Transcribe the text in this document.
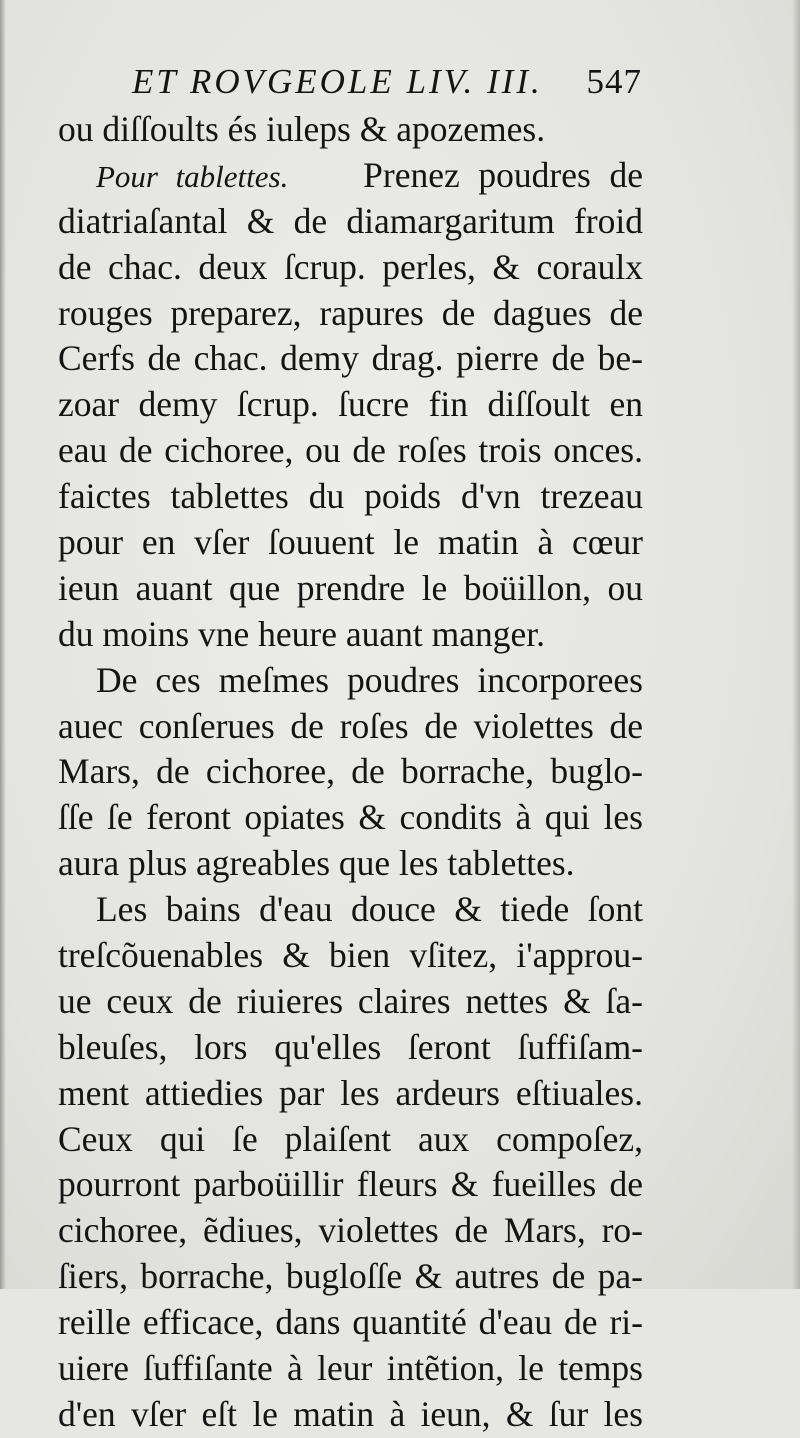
ET ROVGEOLE LIV. III. 547
ou diſſoults és iuleps & apozemes.
Pour tablettes. Prenez poudres de
diatriaſantal & de diamargaritum froid
de chac. deux ſcrup. perles, & coraulx
rouges preparez, rapures de dagues de
Cerfs de chac. demy drag. pierre de be-
zoar demy ſcrup. ſucre fin diſſoult en
eau de cichoree, ou de roſes trois onces.
faictes tablettes du poids d'vn trezeau
pour en vſer ſouuent le matin à cœur
ieun auant que prendre le boüillon, ou
du moins vne heure auant manger.
De ces meſmes poudres incorporees
auec conſerues de roſes de violettes de
Mars, de cichoree, de borrache, buglo-
ſſe ſe feront opiates & condits à qui les
aura plus agreables que les tablettes.
Les bains d'eau douce & tiede ſont
treſcõuenables & bien vſitez, i'approu-
ue ceux de riuieres claires nettes & ſa-
bleuſes, lors qu'elles ſeront ſuffiſam-
ment attiedies par les ardeurs eſtiuales.
Ceux qui ſe plaiſent aux compoſez,
pourront parboüillir fleurs & fueilles de
cichoree, ẽdiues, violettes de Mars, ro-
ſiers, borrache, bugloſſe & autres de pa-
reille efficace, dans quantité d'eau de ri-
uiere ſuffiſante à leur intẽtion, le temps
d'en vſer eſt le matin à ieun, & ſur les
